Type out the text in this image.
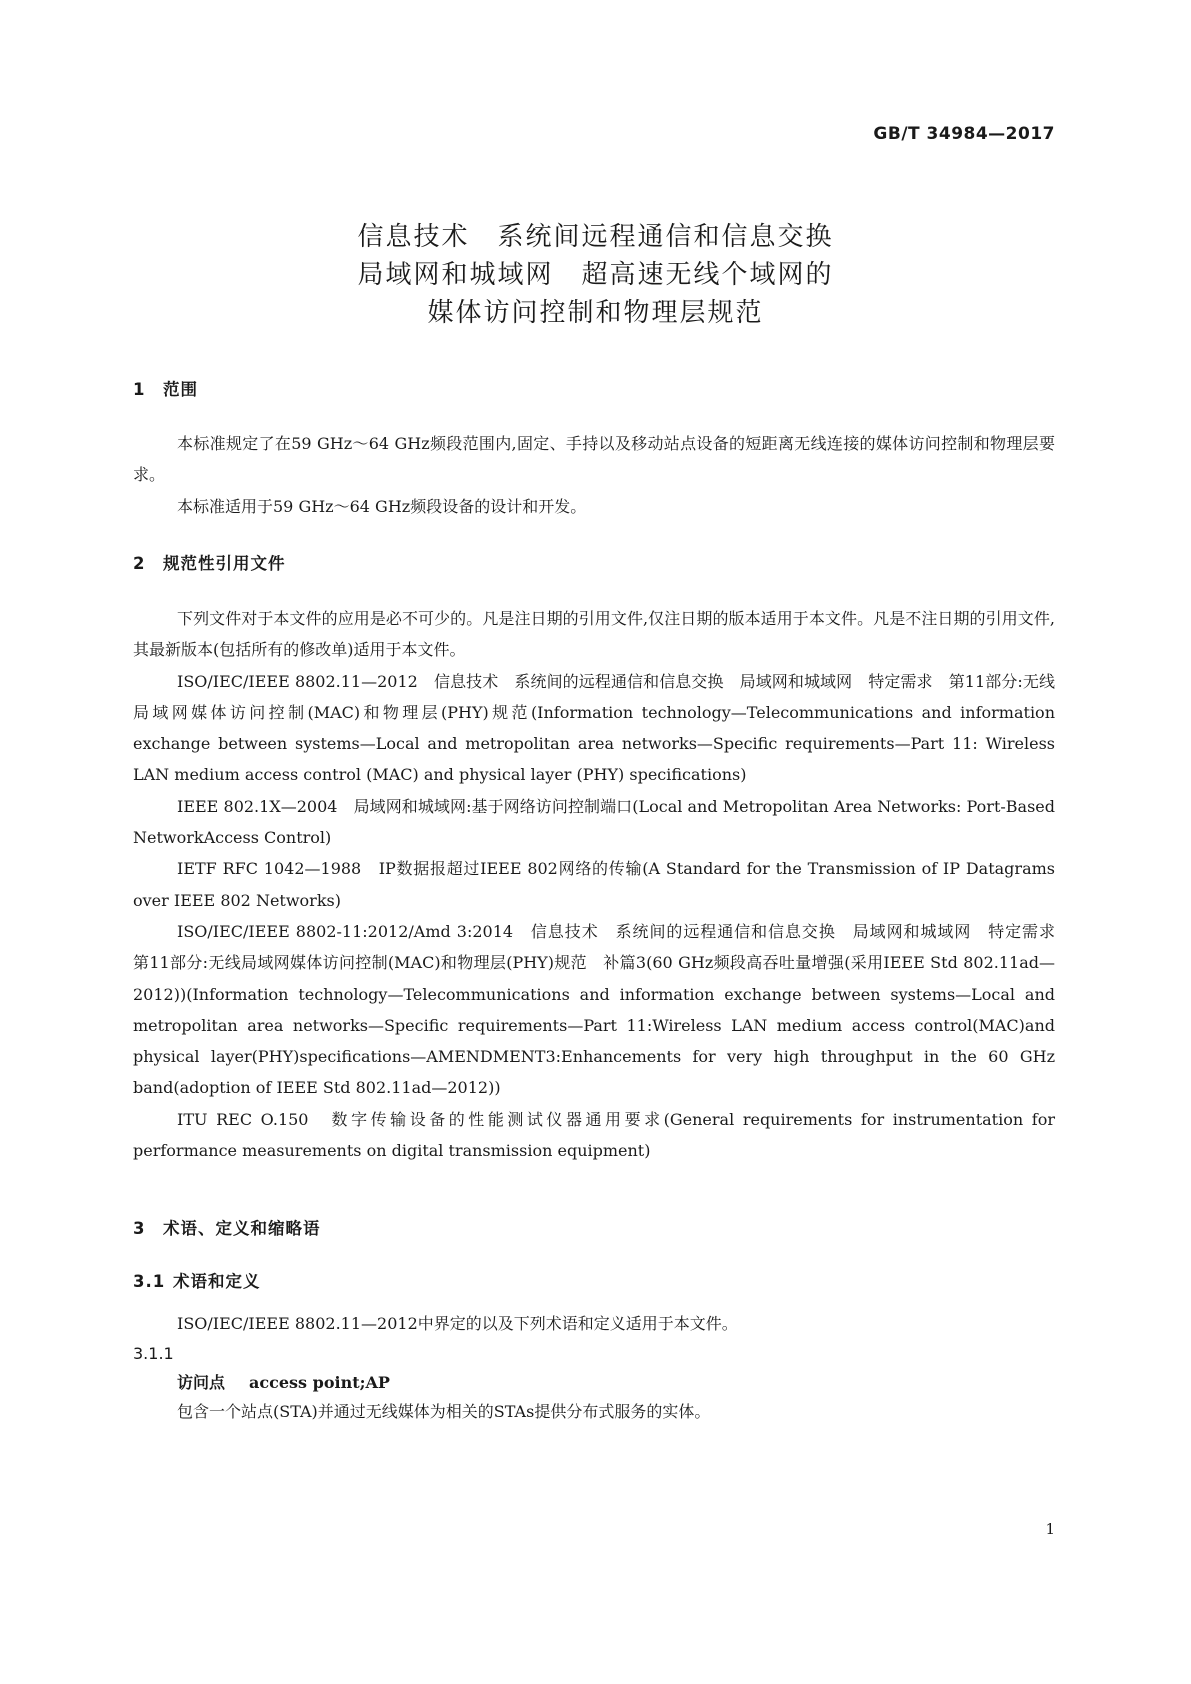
GB/T 34984—2017
信息技术　系统间远程通信和信息交换
局域网和城域网　超高速无线个域网的
媒体访问控制和物理层规范
1 范围

本标准规定了在59 GHz～64 GHz频段范围内,固定、手持以及移动站点设备的短距离无线连接的媒体访问控制和物理层要求。

本标准适用于59 GHz～64 GHz频段设备的设计和开发。

2 规范性引用文件

下列文件对于本文件的应用是必不可少的。凡是注日期的引用文件,仅注日期的版本适用于本文件。凡是不注日期的引用文件,其最新版本(包括所有的修改单)适用于本文件。

ISO/IEC/IEEE 8802.11—2012　信息技术　系统间的远程通信和信息交换　局域网和城域网　特定需求　第11部分:无线局域网媒体访问控制(MAC)和物理层(PHY)规范(Information technology—Telecommunications and information exchange between systems—Local and metropolitan area networks—Specific requirements—Part 11: Wireless LAN medium access control (MAC) and physical layer (PHY) specifications)

IEEE 802.1X—2004　局域网和城域网:基于网络访问控制端口(Local and Metropolitan Area Networks: Port-Based NetworkAccess Control)

IETF RFC 1042—1988　IP数据报超过IEEE 802网络的传输(A Standard for the Transmission of IP Datagrams over IEEE 802 Networks)

ISO/IEC/IEEE 8802-11:2012/Amd 3:2014　信息技术　系统间的远程通信和信息交换　局域网和城域网　特定需求　第11部分:无线局域网媒体访问控制(MAC)和物理层(PHY)规范　补篇3(60 GHz频段高吞吐量增强(采用IEEE Std 802.11ad—2012))(Information technology—Telecommunications and information exchange between systems—Local and metropolitan area networks—Specific requirements—Part 11:Wireless LAN medium access control(MAC)and physical layer(PHY)specifications—AMENDMENT3:Enhancements for very high throughput in the 60 GHz band(adoption of IEEE Std 802.11ad—2012))

ITU REC O.150　数字传输设备的性能测试仪器通用要求(General requirements for instrumentation for performance measurements on digital transmission equipment)

3 术语、定义和缩略语
3.1 术语和定义

ISO/IEC/IEEE 8802.11—2012中界定的以及下列术语和定义适用于本文件。

3.1.1
访问点 access point;AP

包含一个站点(STA)并通过无线媒体为相关的STAs提供分布式服务的实体。

1
